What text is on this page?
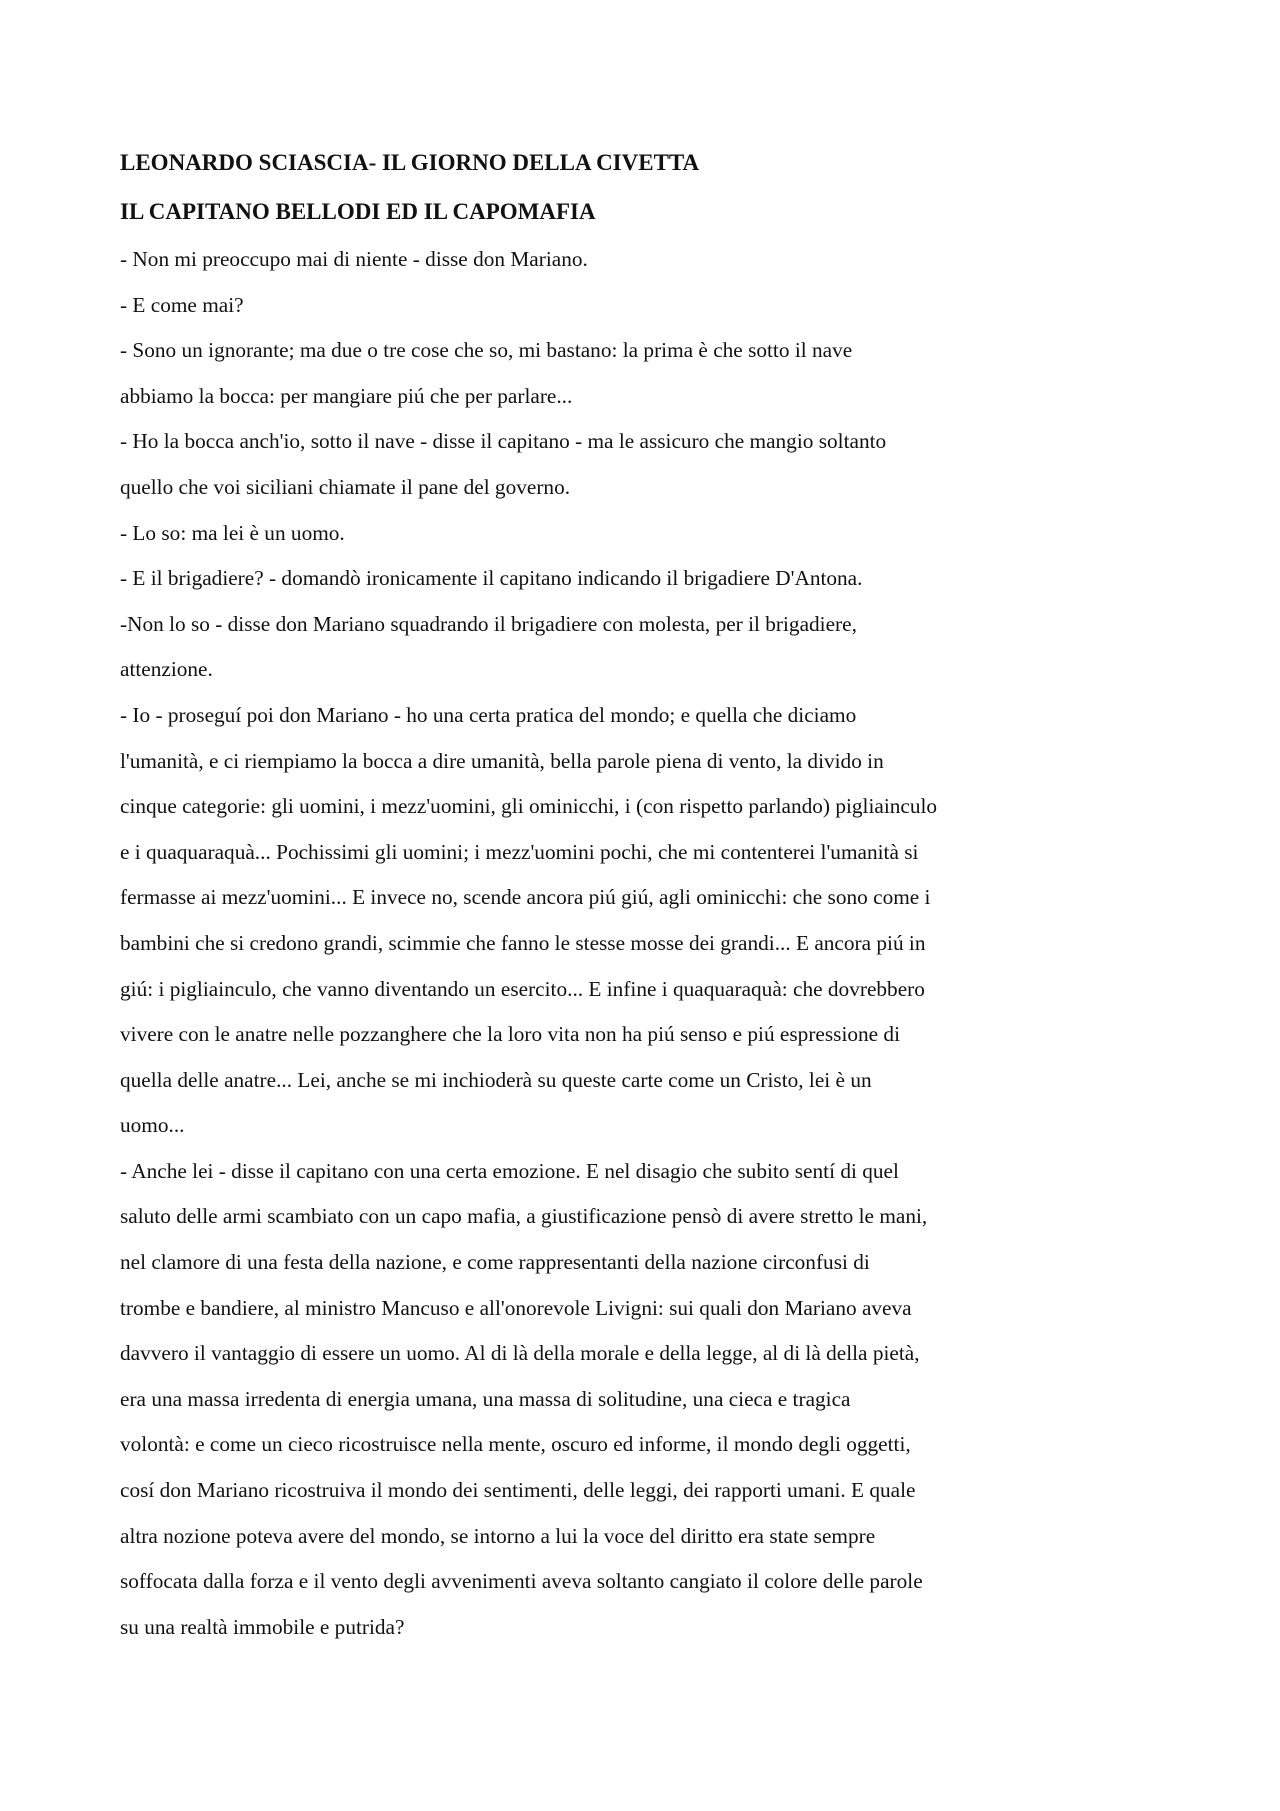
LEONARDO SCIASCIA- IL GIORNO DELLA CIVETTA
IL CAPITANO BELLODI ED IL CAPOMAFIA

- Non mi preoccupo mai di niente - disse don Mariano.

- E come mai?

- Sono un ignorante; ma due o tre cose che so, mi bastano: la prima è che sotto il nave

abbiamo la bocca: per mangiare piú che per parlare...

- Ho la bocca anch'io, sotto il nave - disse il capitano - ma le assicuro che mangio soltanto

quello che voi siciliani chiamate il pane del governo.

- Lo so: ma lei è un uomo.

- E il brigadiere? - domandò ironicamente il capitano indicando il brigadiere D'Antona.

-Non lo so - disse don Mariano squadrando il brigadiere con molesta, per il brigadiere,

attenzione.

- Io - proseguí poi don Mariano - ho una certa pratica del mondo; e quella che diciamo

l'umanità, e ci riempiamo la bocca a dire umanità, bella parole piena di vento, la divido in

cinque categorie: gli uomini, i mezz'uomini, gli ominicchi, i (con rispetto parlando) pigliainculo

e i quaquaraquà... Pochissimi gli uomini; i mezz'uomini pochi, che mi contenterei l'umanità si

fermasse ai mezz'uomini... E invece no, scende ancora piú giú, agli ominicchi: che sono come i

bambini che si credono grandi, scimmie che fanno le stesse mosse dei grandi... E ancora piú in

giú: i pigliainculo, che vanno diventando un esercito... E infine i quaquaraquà: che dovrebbero

vivere con le anatre nelle pozzanghere che la loro vita non ha piú senso e piú espressione di

quella delle anatre... Lei, anche se mi inchioderà su queste carte come un Cristo, lei è un

uomo...

- Anche lei - disse il capitano con una certa emozione. E nel disagio che subito sentí di quel

saluto delle armi scambiato con un capo mafia, a giustificazione pensò di avere stretto le mani,

nel clamore di una festa della nazione, e come rappresentanti della nazione circonfusi di

trombe e bandiere, al ministro Mancuso e all'onorevole Livigni: sui quali don Mariano aveva

davvero il vantaggio di essere un uomo. Al di là della morale e della legge, al di là della pietà,

era una massa irredenta di energia umana, una massa di solitudine, una cieca e tragica

volontà: e come un cieco ricostruisce nella mente, oscuro ed informe, il mondo degli oggetti,

cosí don Mariano ricostruiva il mondo dei sentimenti, delle leggi, dei rapporti umani. E quale

altra nozione poteva avere del mondo, se intorno a lui la voce del diritto era state sempre

soffocata dalla forza e il vento degli avvenimenti aveva soltanto cangiato il colore delle parole

su una realtà immobile e putrida?
